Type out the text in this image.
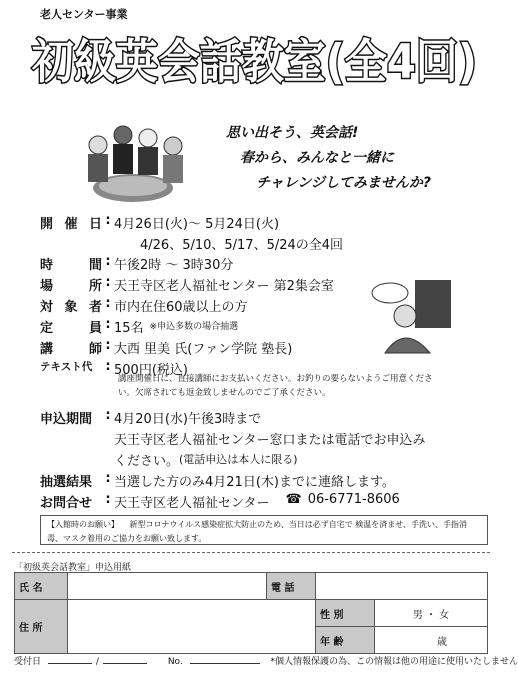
老人センター事業
初級英会話教室(全4回)
思い出そう、英会話!
春から、みんなと一緒に
チャレンジしてみませんか?
開 催 日 : 4月26日(火)〜 5月24日(火)
4/26、5/10、5/17、5/24の全4回
時	間 : 午後2時 〜 3時30分
場	所 : 天王寺区老人福祉センター 第2集会室
対 象 者 : 市内在住60歳以上の方
定	員 : 15名 ※申込多数の場合抽選
講	師 : 大西 里美 氏(ファン学院 塾長)
テキスト代	: 500円(税込)
申込期間	: 4月20日(水)午後3時まで
天王寺区老人福祉センター窓口または電話でお申込み
ください。 (電話申込は本人に限る)
抽選結果	: 当選した方のみ4月21日(木)までに連絡します。
お問合せ	: 天王寺区老人福祉センター ☎ 06-6771-8606
講座開催日に、直接講師にお支払いください。お釣りの要らないようご用意ください。欠席されても返金致しませんのでご了承ください。
【入館時のお願い】 新型コロナウイルス感染症拡大防止のため、当日は必ず自宅で 検温を済ませ、手洗い、手指消毒、マスク着用のご協力をお願い致します。
「初級英会話教室」申込用紙
氏 名		電 話		
住 所			性 別	男 ・ 女
			年 齢	歳
受付日	/	No.	*個人情報保護の為、この情報は他の用途に使用いたしません
